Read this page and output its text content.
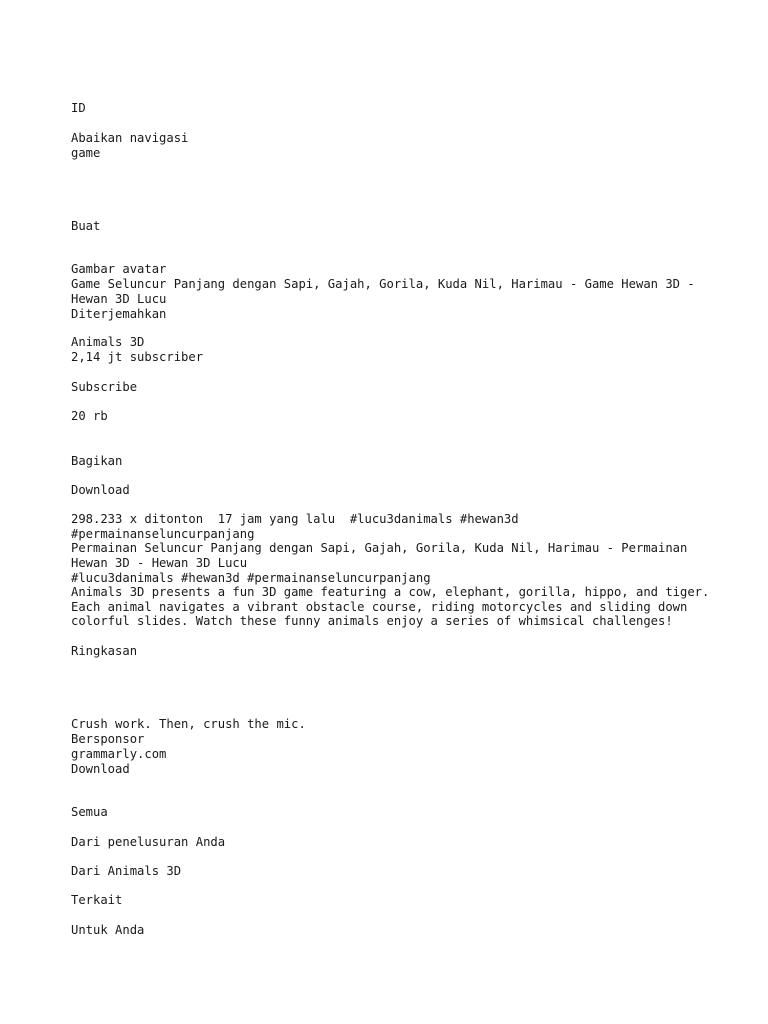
ID
Abaikan navigasi
game
Buat
Gambar avatar
Game Seluncur Panjang dengan Sapi, Gajah, Gorila, Kuda Nil, Harimau - Game Hewan 3D - Hewan 3D Lucu
Diterjemahkan
Animals 3D
2,14 jt subscriber
Subscribe
20 rb
Bagikan
Download
298.233 x ditonton  17 jam yang lalu  #lucu3danimals #hewan3d
#permainanseluncurpanjang
Permainan Seluncur Panjang dengan Sapi, Gajah, Gorila, Kuda Nil, Harimau - Permainan Hewan 3D - Hewan 3D Lucu
#lucu3danimals #hewan3d #permainanseluncurpanjang
Animals 3D presents a fun 3D game featuring a cow, elephant, gorilla, hippo, and tiger. Each animal navigates a vibrant obstacle course, riding motorcycles and sliding down colorful slides. Watch these funny animals enjoy a series of whimsical challenges!
Ringkasan
Crush work. Then, crush the mic.
Bersponsor
grammarly.com
Download
Semua
Dari penelusuran Anda
Dari Animals 3D
Terkait
Untuk Anda
